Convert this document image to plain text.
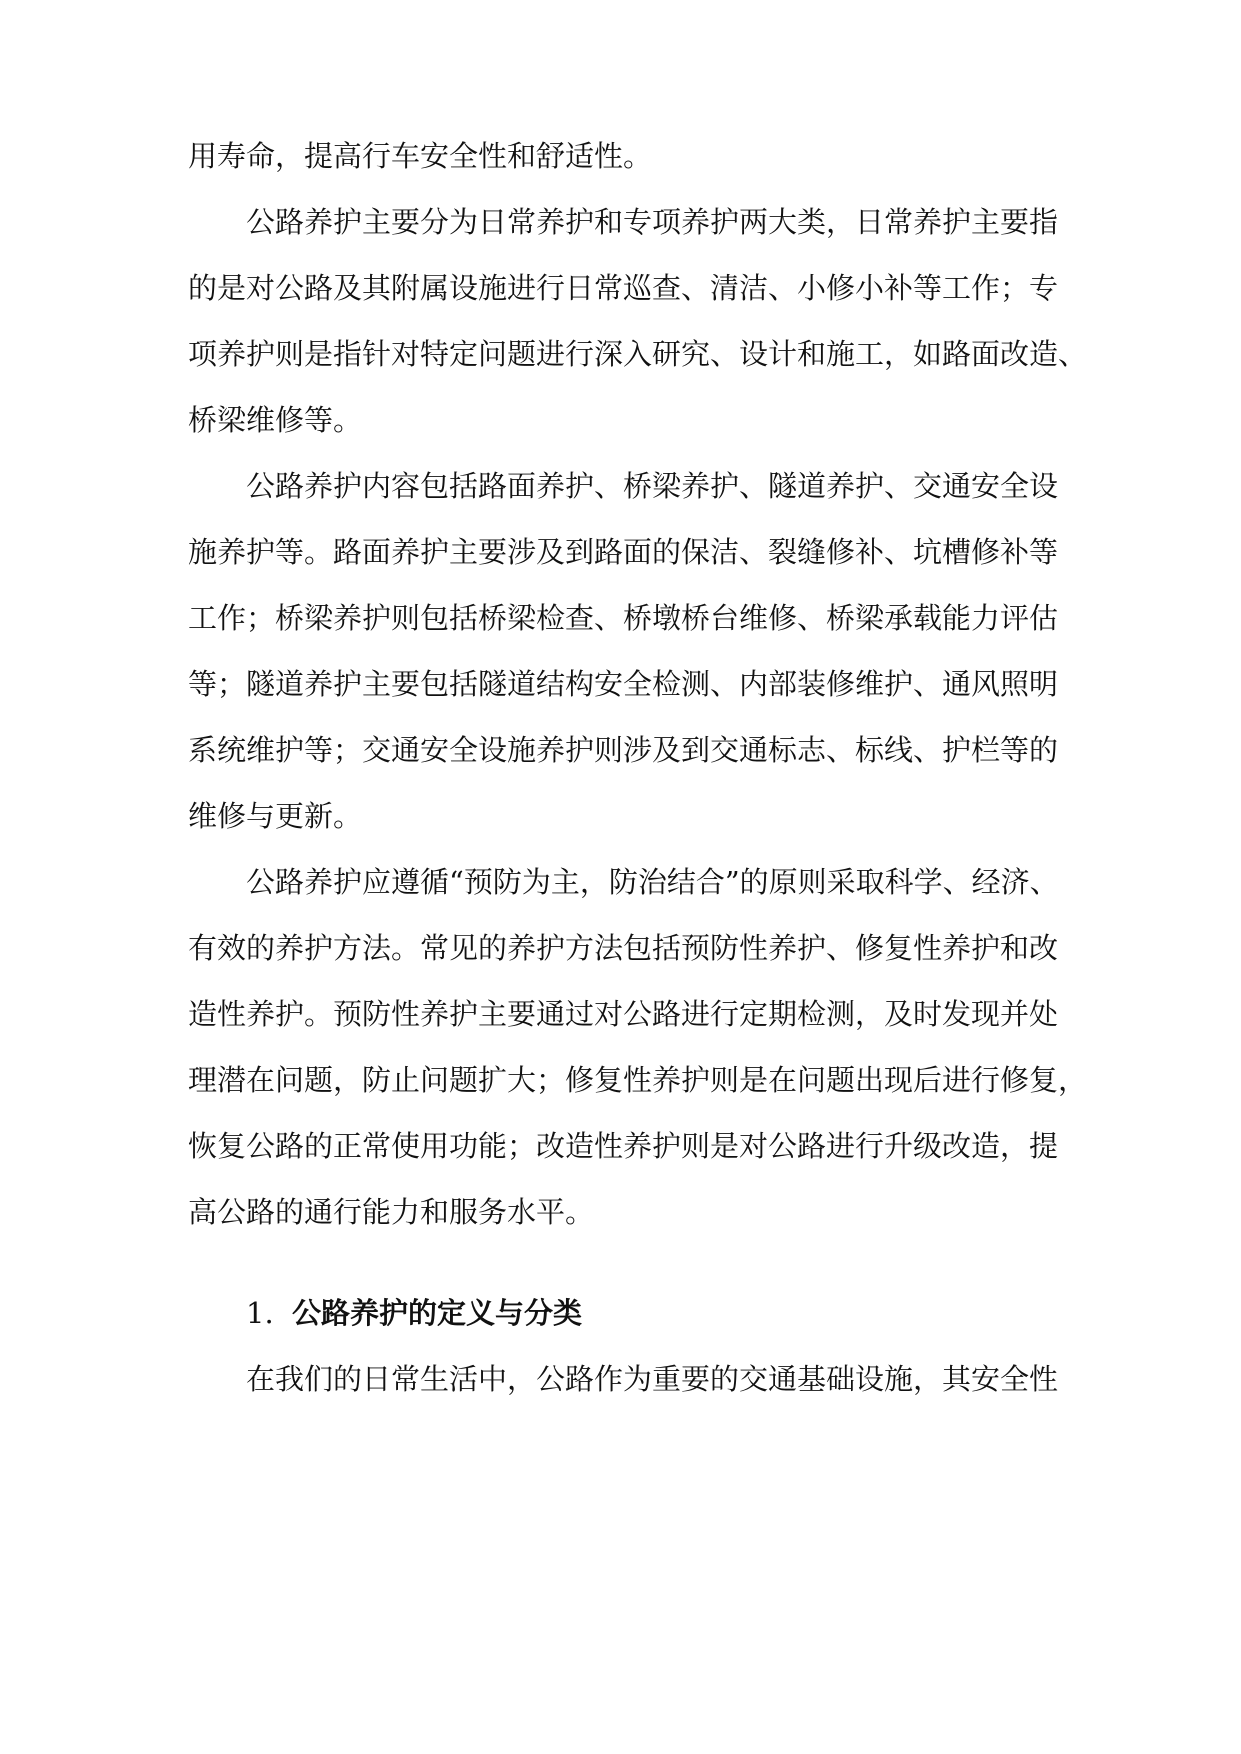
用寿命，提高行车安全性和舒适性。
公路养护主要分为日常养护和专项养护两大类，日常养护主要指
的是对公路及其附属设施进行日常巡查、清洁、小修小补等工作；专
项养护则是指针对特定问题进行深入研究、设计和施工，如路面改造、
桥梁维修等。
公路养护内容包括路面养护、桥梁养护、隧道养护、交通安全设
施养护等。路面养护主要涉及到路面的保洁、裂缝修补、坑槽修补等
工作；桥梁养护则包括桥梁检查、桥墩桥台维修、桥梁承载能力评估
等；隧道养护主要包括隧道结构安全检测、内部装修维护、通风照明
系统维护等；交通安全设施养护则涉及到交通标志、标线、护栏等的
维修与更新。
公路养护应遵循“预防为主，防治结合”的原则采取科学、经济、
有效的养护方法。常见的养护方法包括预防性养护、修复性养护和改
造性养护。预防性养护主要通过对公路进行定期检测，及时发现并处
理潜在问题，防止问题扩大；修复性养护则是在问题出现后进行修复，
恢复公路的正常使用功能；改造性养护则是对公路进行升级改造，提
高公路的通行能力和服务水平。
1. 公路养护的定义与分类
在我们的日常生活中，公路作为重要的交通基础设施，其安全性
